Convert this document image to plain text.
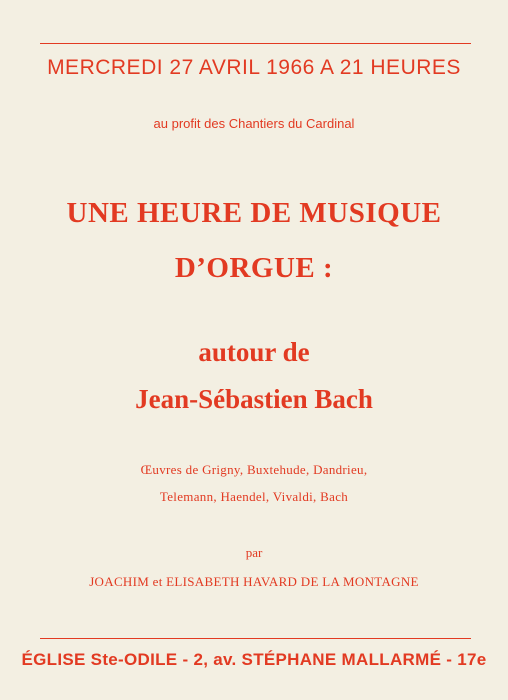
MERCREDI 27 AVRIL 1966 A 21 HEURES
au profit des Chantiers du Cardinal
UNE HEURE DE MUSIQUE
D’ORGUE :
autour de
Jean-Sébastien Bach
Œuvres de Grigny, Buxtehude, Dandrieu,
Telemann, Haendel, Vivaldi, Bach
par
JOACHIM et ELISABETH HAVARD DE LA MONTAGNE
ÉGLISE Ste-ODILE - 2, av. STÉPHANE MALLARMÉ - 17e
